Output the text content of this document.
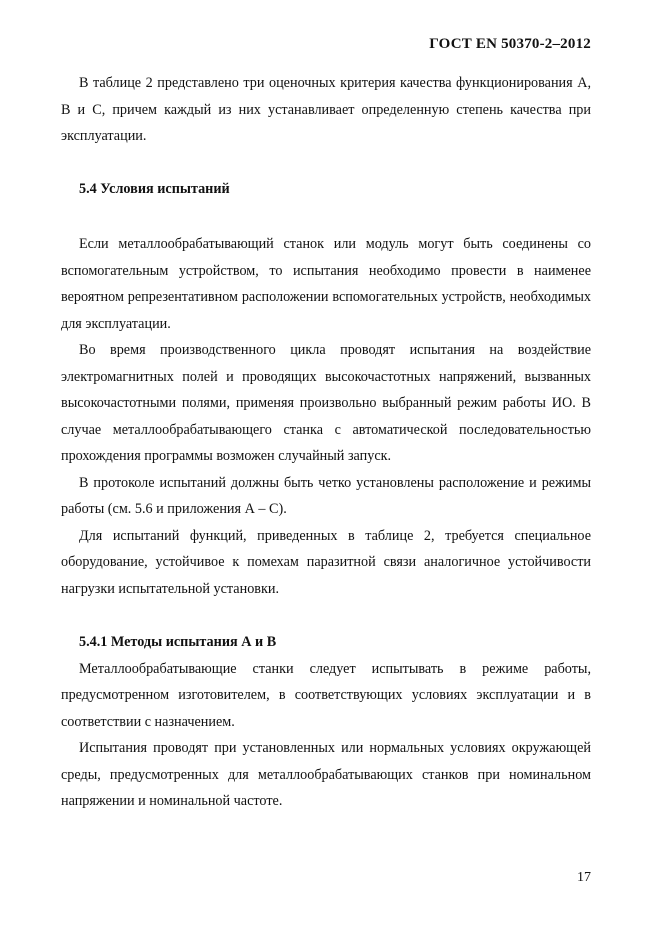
ГОСТ EN 50370-2–2012

В таблице 2 представлено три оценочных критерия качества функционирования А, В и С, причем каждый из них устанавливает определенную степень качества при эксплуатации.

5.4 Условия испытаний

Если металлообрабатывающий станок или модуль могут быть соединены со вспомогательным устройством, то испытания необходимо провести в наименее вероятном репрезентативном расположении вспомогательных устройств, необходимых для эксплуатации.

Во время производственного цикла проводят испытания на воздействие электромагнитных полей и проводящих высокочастотных напряжений, вызванных высокочастотными полями, применяя произвольно выбранный режим работы ИО. В случае металлообрабатывающего станка с автоматической последовательностью прохождения программы возможен случайный запуск.

В протоколе испытаний должны быть четко установлены расположение и режимы работы (см. 5.6 и приложения А – С).

Для испытаний функций, приведенных в таблице 2, требуется специальное оборудование, устойчивое к помехам паразитной связи аналогичное устойчивости нагрузки испытательной установки.

5.4.1 Методы испытания А и В

Металлообрабатывающие станки следует испытывать в режиме работы, предусмотренном изготовителем, в соответствующих условиях эксплуатации и в соответствии с назначением.

Испытания проводят при установленных или нормальных условиях окружающей среды, предусмотренных для металлообрабатывающих станков при номинальном напряжении и номинальной частоте.

17
